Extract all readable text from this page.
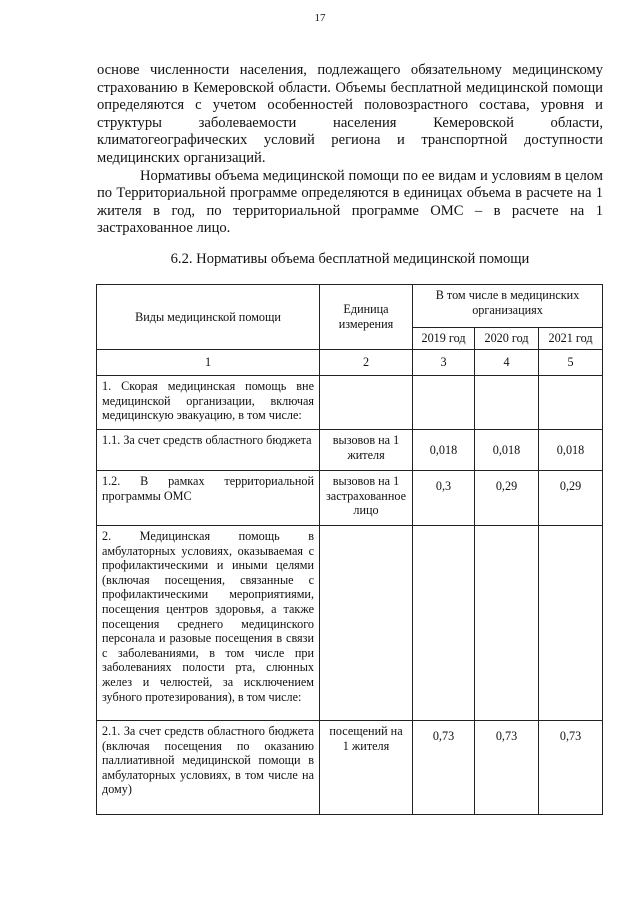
17

основе численности населения, подлежащего обязательному медицинскому страхованию в Кемеровской области. Объемы бесплатной медицинской помощи определяются с учетом особенностей половозрастного состава, уровня и структуры заболеваемости населения Кемеровской области, климатогеографических условий региона и транспортной доступности медицинских организаций.

Нормативы объема медицинской помощи по ее видам и условиям в целом по Территориальной программе определяются в единицах объема в расчете на 1 жителя в год, по территориальной программе ОМС – в расчете на 1 застрахованное лицо.

6.2. Нормативы объема бесплатной медицинской помощи
Виды медицинской помощи	Единица измерения	В том числе в медицинских организациях		
		2019 год	2020 год	2021 год
1	2	3	4	5
1. Скорая медицинская помощь вне медицинской организации, включая медицинскую эвакуацию, в том числе:				
1.1. За счет средств областного бюджета	вызовов на 1 жителя	0,018	0,018	0,018
1.2. В рамках территориальной программы ОМС	вызовов на 1 застрахованное лицо	0,3	0,29	0,29
2. Медицинская помощь в амбулаторных условиях, оказываемая с профилактическими и иными целями (включая посещения, связанные с профилактическими мероприятиями, посещения центров здоровья, а также посещения среднего медицинского персонала и разовые посещения в связи с заболеваниями, в том числе при заболеваниях полости рта, слюнных желез и челюстей, за исключением зубного протезирования), в том числе:				
2.1. За счет средств областного бюджета (включая посещения по оказанию паллиативной медицинской помощи в амбулаторных условиях, в том числе на дому)	посещений на 1 жителя	0,73	0,73	0,73
